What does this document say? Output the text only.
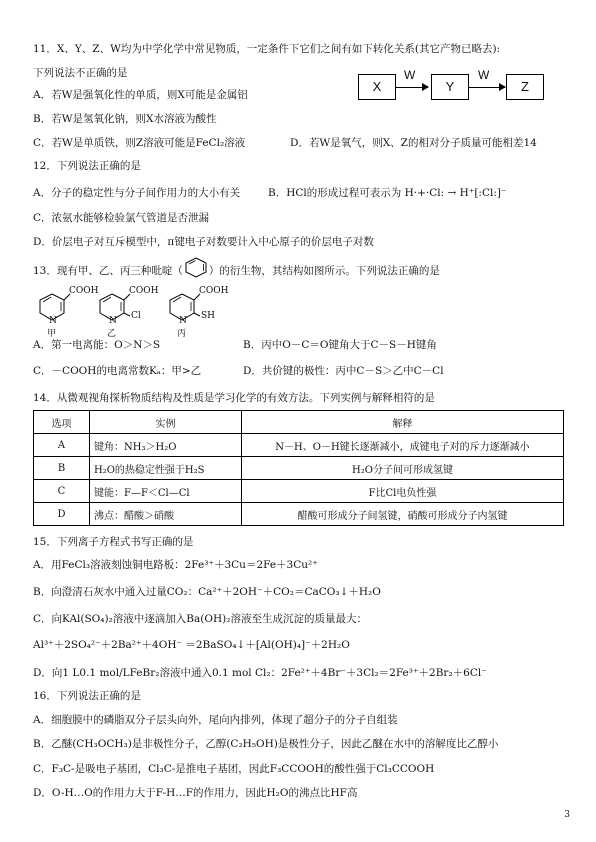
11．X、Y、Z、W均为中学化学中常见物质，一定条件下它们之间有如下转化关系(其它产物已略去):
下列说法不正确的是
X
W
Y
W
Z
A．若W是强氧化性的单质，则X可能是金属铝
B．若W是氢氧化钠，则X水溶液为酸性
C．若W是单质铁，则Z溶液可能是FeCl₂溶液	D．若W是氧气，则X、Z的相对分子质量可能相差14
12．下列说法正确的是
A．分子的稳定性与分子间作用力的大小有关	B．HCl的形成过程可表示为 H·+·Cl: → H⁺[:Cl:]⁻
C．浓氨水能够检验氯气管道是否泄漏
D．价层电子对互斥模型中，π键电子对数要计入中心原子的价层电子对数
13．现有甲、乙、丙三种吡啶（ ）的衍生物，其结构如图所示。下列说法正确的是
COOH
N
甲
COOH
Cl
N
乙
COOH
SH
N
丙
A．第一电离能：O＞N＞S	B．丙中O－C＝O键角大于C－S－H键角
C．－COOH的电离常数Kₐ：甲>乙	D．共价键的极性：丙中C－S＞乙中C－Cl
14．从微观视角探析物质结构及性质是学习化学的有效方法。下列实例与解释相符的是
选项	实例	解释
A	键角：NH₃＞H₂O	N－H、O－H键长逐渐减小，成键电子对的斥力逐渐减小
B	H₂O的热稳定性强于H₂S	H₂O分子间可形成氢键
C	键能：F—F＜Cl—Cl	F比Cl电负性强
D	沸点：醋酸＞硝酸	醋酸可形成分子间氢键，硝酸可形成分子内氢键
15．下列离子方程式书写正确的是
A．用FeCl₃溶液刻蚀铜电路板：2Fe³⁺＋3Cu＝2Fe＋3Cu²⁺
B．向澄清石灰水中通入过量CO₂：Ca²⁺＋2OH⁻＋CO₂＝CaCO₃↓＋H₂O
C．向KAl(SO₄)₂溶液中逐滴加入Ba(OH)₂溶液至生成沉淀的质量最大：
Al³⁺＋2SO₄²⁻＋2Ba²⁺＋4OH⁻ ＝2BaSO₄↓＋[Al(OH)₄]⁻＋2H₂O
D．向1 L0.1 mol/LFeBr₂溶液中通入0.1 mol Cl₂：2Fe²⁺＋4Br⁻＋3Cl₂＝2Fe³⁺＋2Br₂＋6Cl⁻
16．下列说法正确的是
A．细胞膜中的磷脂双分子层头向外，尾向内排列，体现了超分子的分子自组装
B．乙醚(CH₃OCH₃)是非极性分子，乙醇(C₂H₅OH)是极性分子，因此乙醚在水中的溶解度比乙醇小
C．F₃C-是吸电子基团，Cl₃C-是推电子基团，因此F₃CCOOH的酸性强于Cl₃CCOOH
D．O-H…O的作用力大于F-H…F的作用力，因此H₂O的沸点比HF高
3
